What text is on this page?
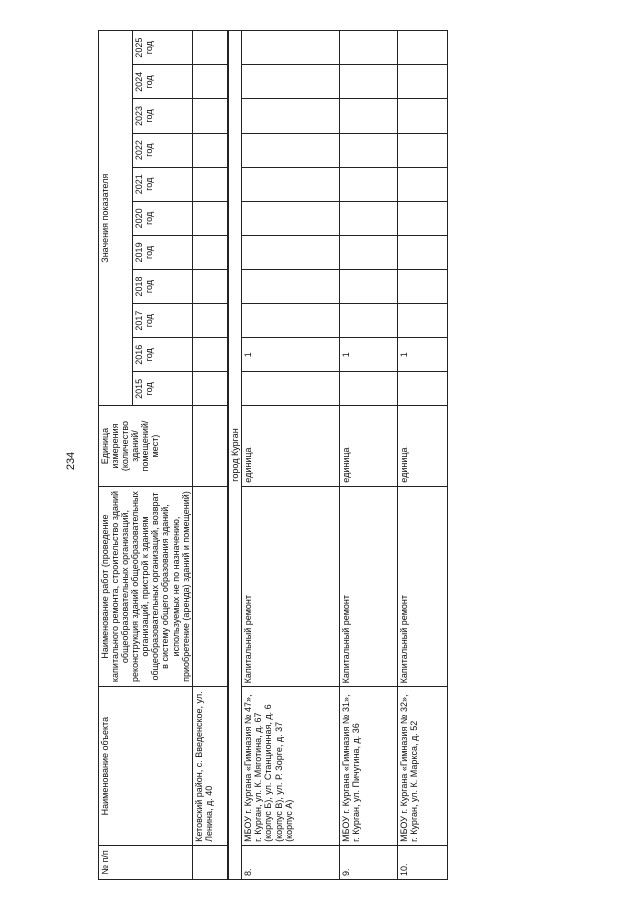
234
№ п/п	Наименование объекта	Наименование работ (проведение капитального ремонта, строительство зданий общеобразовательных организаций, реконструкция зданий общеобразовательных организаций, пристрой к зданиям общеобразовательных организаций, возврат в систему общего образования зданий, используемых не по назначению, приобретение (аренда) зданий и помещений)	Единица измерения (количество зданий/ помещений/ мест)	Значения показателя										
				2015 год	2016 год	2017 год	2018 год	2019 год	2020 год	2021 год	2022 год	2023 год	2024 год	2025 год
	Кетовский район, с. Введенское, ул. Ленина, д. 40													
город Курган														
8.	МБОУ г. Кургана «Гимназия № 47», г. Курган, ул. К. Мяготина, д. 67 (корпус Б), ул. Станционная, д. 6 (корпус В), ул. Р. Зорге, д. 37 (корпус А)	Капитальный ремонт	единица		1									
9.	МБОУ г. Кургана «Гимназия № 31», г. Курган, ул. Пичугина, д. 36	Капитальный ремонт	единица		1									
10.	МБОУ г. Кургана «Гимназия № 32», г. Курган, ул. К. Маркса, д. 52	Капитальный ремонт	единица		1									
